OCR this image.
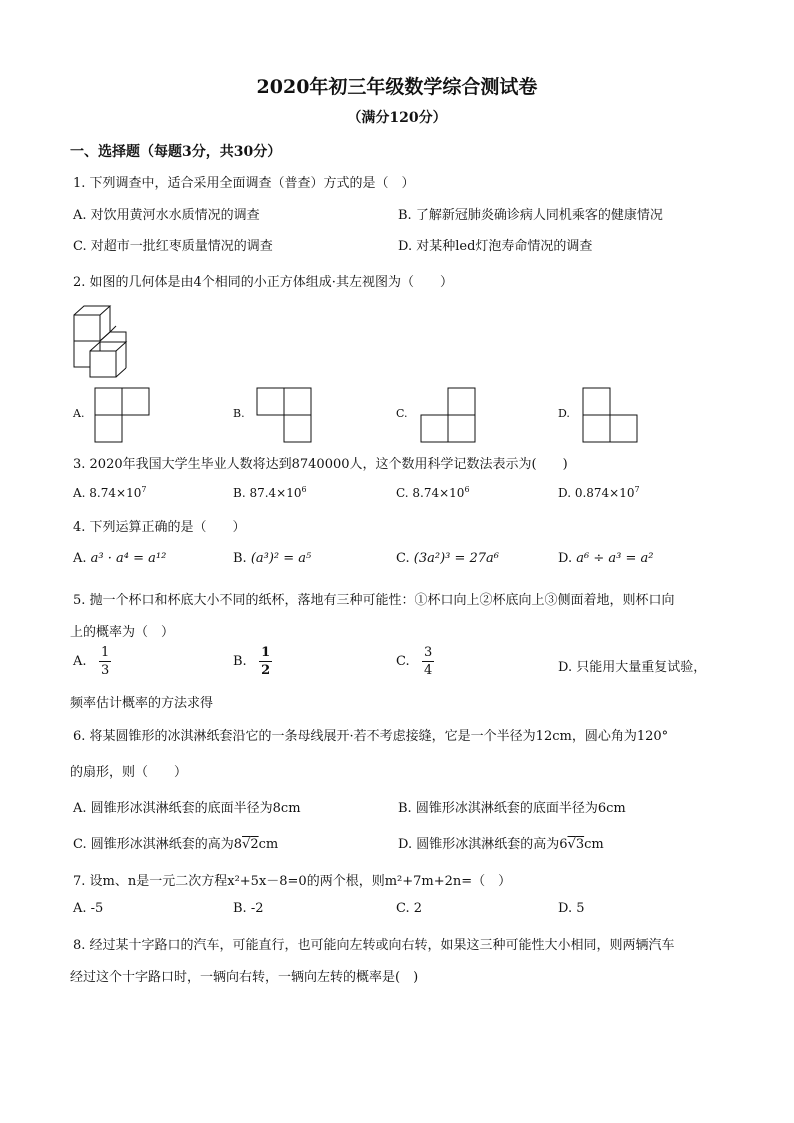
2020年初三年级数学综合测试卷
（满分120分）
一、选择题（每题3分，共30分）
1. 下列调查中，适合采用全面调查（普查）方式的是（　）
A. 对饮用黄河水水质情况的调查	B. 了解新冠肺炎确诊病人同机乘客的健康情况
C. 对超市一批红枣质量情况的调查	D. 对某种led灯泡寿命情况的调查
2. 如图的几何体是由4个相同的小正方体组成·其左视图为（　　）
A.	B.	C.	D.
3. 2020年我国大学生毕业人数将达到8740000人，这个数用科学记数法表示为(　　)
A. $8.74\times 10^7$	B. $87.4\times 10^6$	C. $8.74\times 10^6$	D. $0.874\times 10^7$
4. 下列运算正确的是（　　）
A. a³ · a⁴ = a¹²	B. (a³)² = a⁵	C. (3a²)³ = 27a⁶	D. a⁶ ÷ a³ = a²
5. 抛一个杯口和杯底大小不同的纸杯，落地有三种可能性：①杯口向上②杯底向上③侧面着地，则杯口向
上的概率为（　）
A. $\frac{1}{3}$	B. $\frac{1}{2}$	C. $\frac{3}{4}$	D. 只能用大量重复试验，
频率估计概率的方法求得
6. 将某圆锥形的冰淇淋纸套沿它的一条母线展开·若不考虑接缝，它是一个半径为12cm，圆心角为120°
的扇形，则（　　）
A. 圆锥形冰淇淋纸套的底面半径为8cm	B. 圆锥形冰淇淋纸套的底面半径为6cm
C. 圆锥形冰淇淋纸套的高为8√2cm	D. 圆锥形冰淇淋纸套的高为6√3cm
7. 设m、n是一元二次方程x²+5x－8=0的两个根，则m²+7m+2n=（　）
A. -5	B. -2	C. 2	D. 5
8. 经过某十字路口的汽车，可能直行，也可能向左转或向右转，如果这三种可能性大小相同，则两辆汽车
经过这个十字路口时，一辆向右转，一辆向左转的概率是(　)
